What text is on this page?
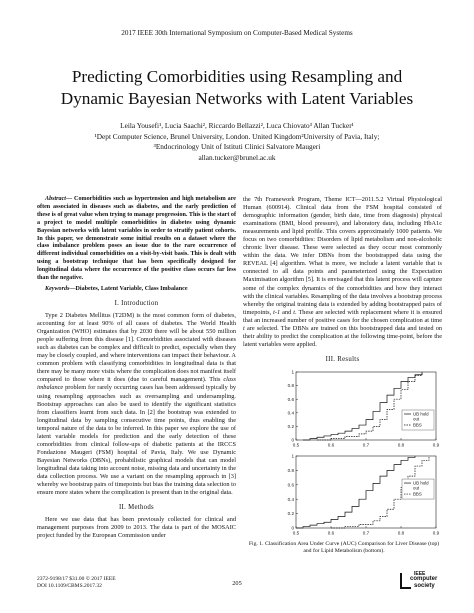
2017 IEEE 30th International Symposium on Computer-Based Medical Systems
Predicting Comorbidities using Resampling and
Dynamic Bayesian Networks with Latent Variables
Leila Yousefi¹, Lucia Saachi², Riccardo Bellazzi², Luca Chiovato³ Allan Tucker¹
¹Dept Computer Science, Brunel University, London. United Kingdom²University of Pavia, Italy;
³Endocrinology Unit of Istituti Clinici Salvatore Maugeri
allan.tucker@brunel.ac.uk

Abstract— Comorbidities such as hypertension and high metabolism are often associated in diseases such as diabetes, and the early prediction of these is of great value when trying to manage progression. This is the start of a project to model multiple comorbidities in diabetes using dynamic Bayesian networks with latent variables in order to stratify patient cohorts. In this paper, we demonstrate some initial results on a dataset where the class imbalance problem poses an issue due to the rare occurrence of different individual comorbidities on a visit-by-visit basis. This is dealt with using a bootstrap technique that has been specifically designed for longitudinal data where the occurrence of the positive class occurs far less than the negative.

Keywords—Diabetes, Latent Variable, Class Imbalance

I. Introduction

Type 2 Diabetes Mellitus (T2DM) is the most common form of diabetes, accounting for at least 90% of all cases of diabetes. The World Health Organization (WHO) estimates that by 2030 there will be about 550 million people suffering from this disease [1]. Comorbidities associated with diseases such as diabetes can be complex and difficult to predict, especially when they may be closely coupled, and where interventions can impact their behaviour. A common problem with classifying comorbidities in longitudinal data is that there may be many more visits where the complication does not manifest itself compared to those where it does (due to careful management). This class imbalance problem for rarely occurring cases has been addressed typically by using resampling approaches such as oversampling and undersampling. Bootstrap approaches can also be used to identify the significant statistics from classifiers learnt from such data. In [2] the bootstrap was extended to longitudinal data by sampling consecutive time points, thus enabling the temporal nature of the data to be inferred. In this paper we explore the use of latent variable models for prediction and the early detection of these comorbidities from clinical follow-ups of diabetic patients at the IRCCS Fondazione Maugeri (FSM) hospital of Pavia, Italy. We use Dynamic Bayesian Networks (DBNs), probabilistic graphical models that can model longitudinal data taking into account noise, missing data and uncertainty in the data collection process. We use a variant on the resampling approach in [3] whereby we bootstrap pairs of timepoints but bias the training data selection to ensure more states where the complication is present than in the original data.

II. Methods

Here we use data that has been previously collected for clinical and management purposes from 2009 to 2013. The data is part of the MOSAIC project funded by the European Commission under

the 7th Framework Program, Theme ICT—2011.5.2 Virtual Physiological Human (600914). Clinical data from the FSM hospital consisted of demographic information (gender, birth date, time from diagnosis) physical examinations (BMI, blood pressure), and laboratory data, including HbA1c measurements and lipid profile. This covers approximately 1000 patients. We focus on two comorbidities: Disorders of lipid metabolism and non-alcoholic chronic liver disease. These were selected as they occur most commonly within the data. We infer DBNs from the bootstrapped data using the REVEAL [4] algorithm. What is more, we include a latent variable that is connected to all data points and parameterized using the Expectation Maximisation algorithm [5]. It is envisaged that this latent process will capture some of the complex dynamics of the comorbidities and how they interact with the clinical variables. Resampling of the data involves a bootstrap process whereby the original training data is extended by adding bootstrapped pairs of timepoints, t-1 and t. These are selected with replacement where it is ensured that an increased number of positive cases for the chosen complication at time t are selected. The DBNs are trained on this bootstrapped data and tested on their ability to predict the complication at the following time-point, before the latent variables were applied.

III. Results
0.5	0.6	0.7	0.8	0.9
0
0.2
0.4
0.6
0.8
1
UB hold
out
BBS
0.5	0.6	0.7	0.8	0.9
0
0.2
0.4
0.6
0.8
1
UB hold
out
BBS
Fig. 1. Classification Area Under Curve (AUC) Comparison for Liver Disease (top) and for Lipid Metabolism (bottom).
2372-9198/17 $31.00 © 2017 IEEE
DOI 10.1109/CBMS.2017.32	205
IEEE
computer
society
